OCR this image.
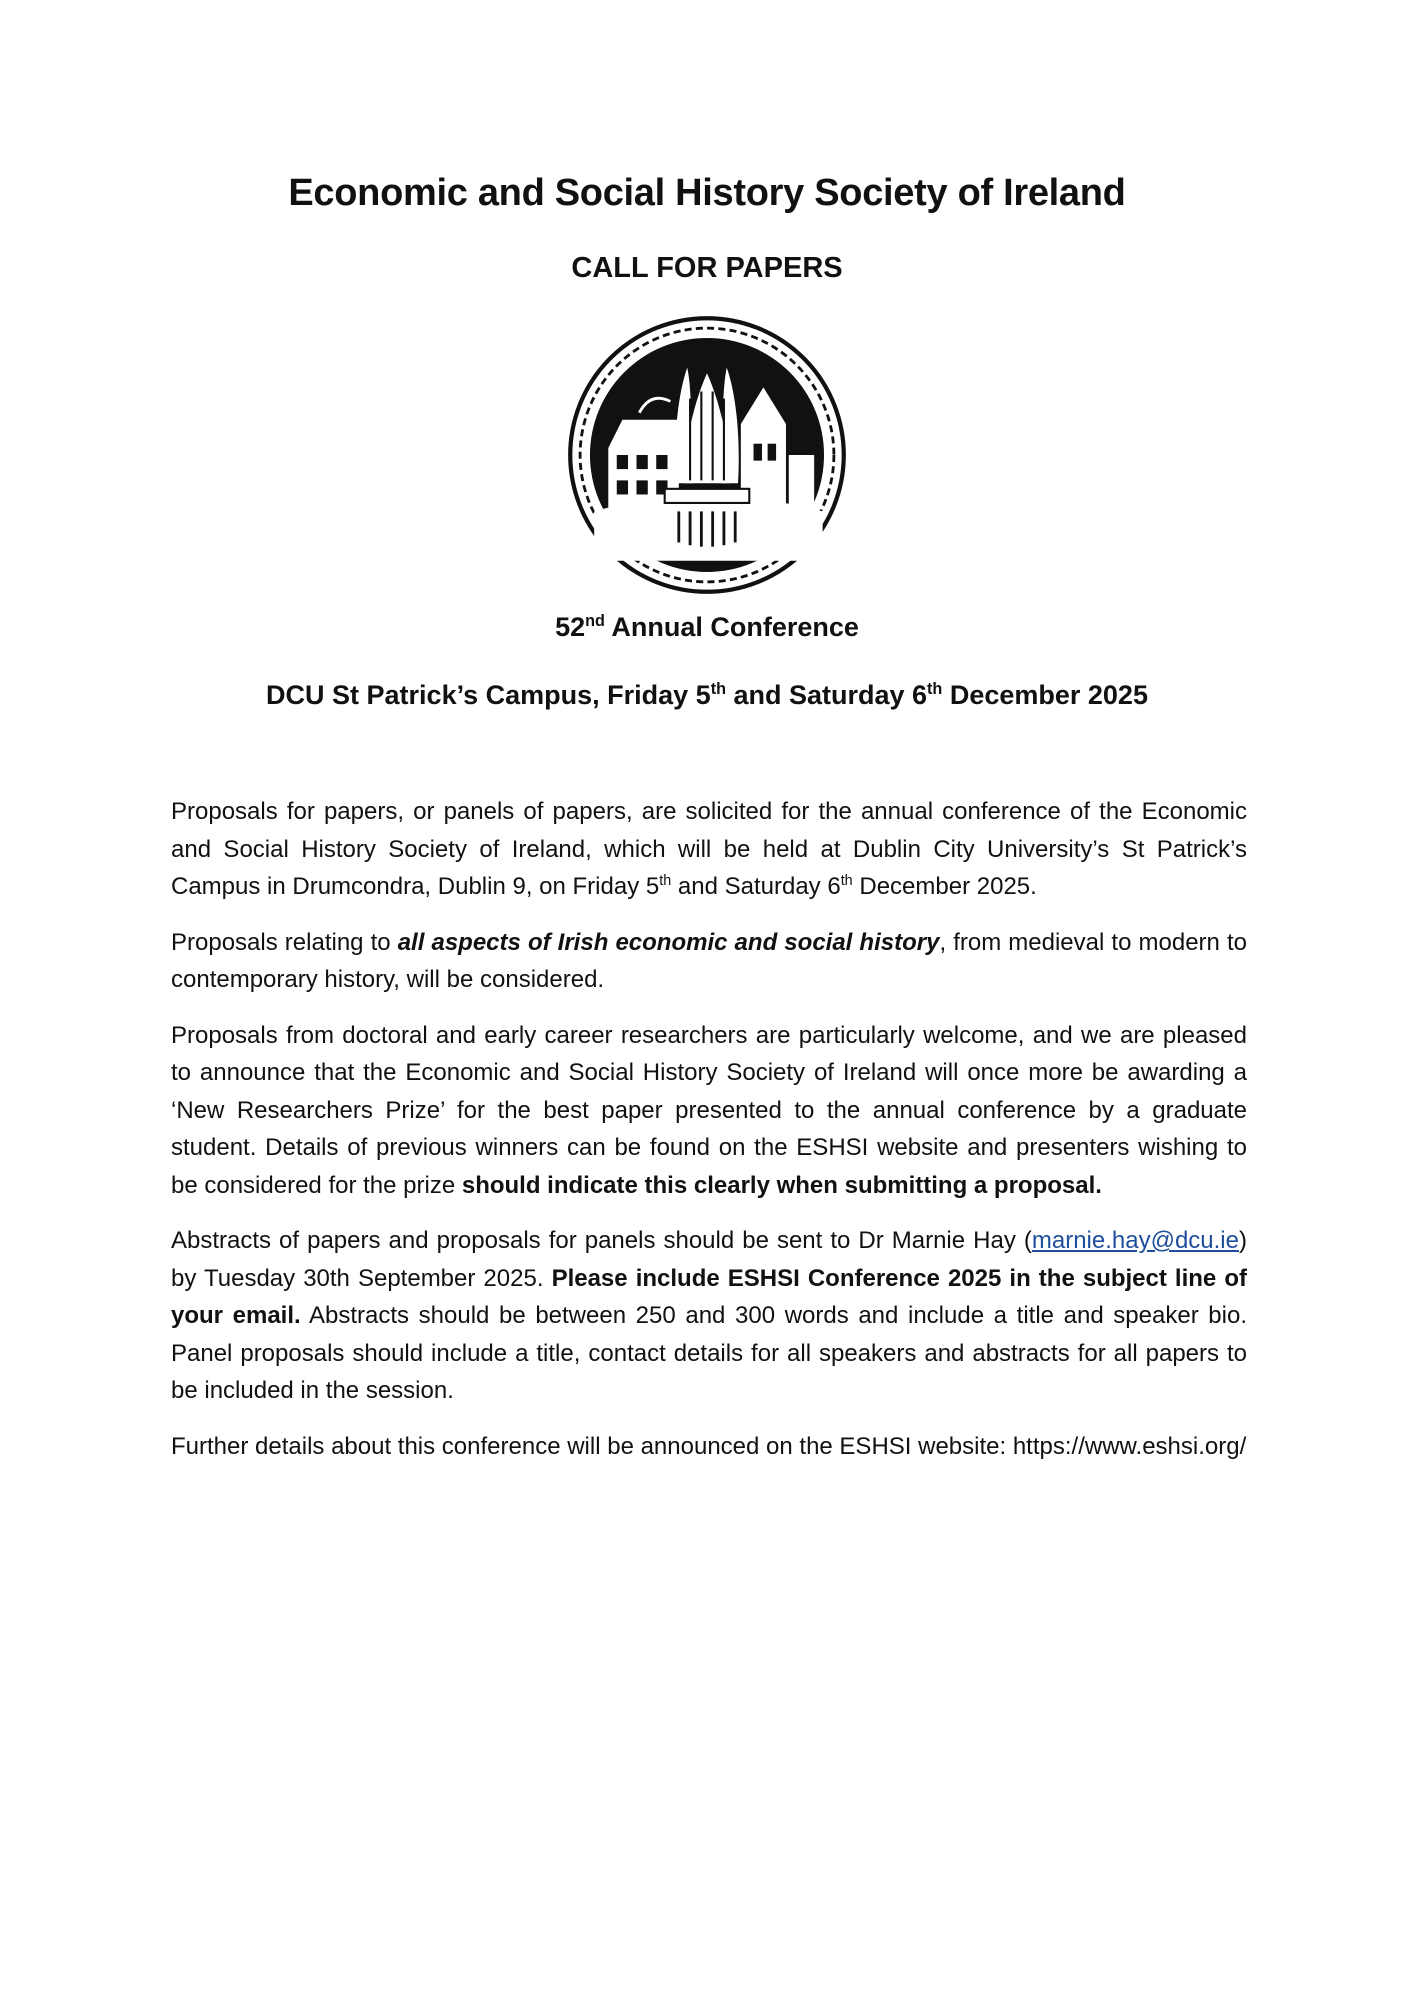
Economic and Social History Society of Ireland
CALL FOR PAPERS
52nd Annual Conference
DCU St Patrick’s Campus, Friday 5th and Saturday 6th December 2025

Proposals for papers, or panels of papers, are solicited for the annual conference of the Economic and Social History Society of Ireland, which will be held at Dublin City University’s St Patrick’s Campus in Drumcondra, Dublin 9, on Friday 5th and Saturday 6th December 2025.

Proposals relating to all aspects of Irish economic and social history, from medieval to modern to contemporary history, will be considered.

Proposals from doctoral and early career researchers are particularly welcome, and we are pleased to announce that the Economic and Social History Society of Ireland will once more be awarding a ‘New Researchers Prize’ for the best paper presented to the annual conference by a graduate student. Details of previous winners can be found on the ESHSI website and presenters wishing to be considered for the prize should indicate this clearly when submitting a proposal.

Abstracts of papers and proposals for panels should be sent to Dr Marnie Hay (marnie.hay@dcu.ie) by Tuesday 30th September 2025. Please include ESHSI Conference 2025 in the subject line of your email. Abstracts should be between 250 and 300 words and include a title and speaker bio. Panel proposals should include a title, contact details for all speakers and abstracts for all papers to be included in the session.

Further details about this conference will be announced on the ESHSI website: https://www.eshsi.org/
